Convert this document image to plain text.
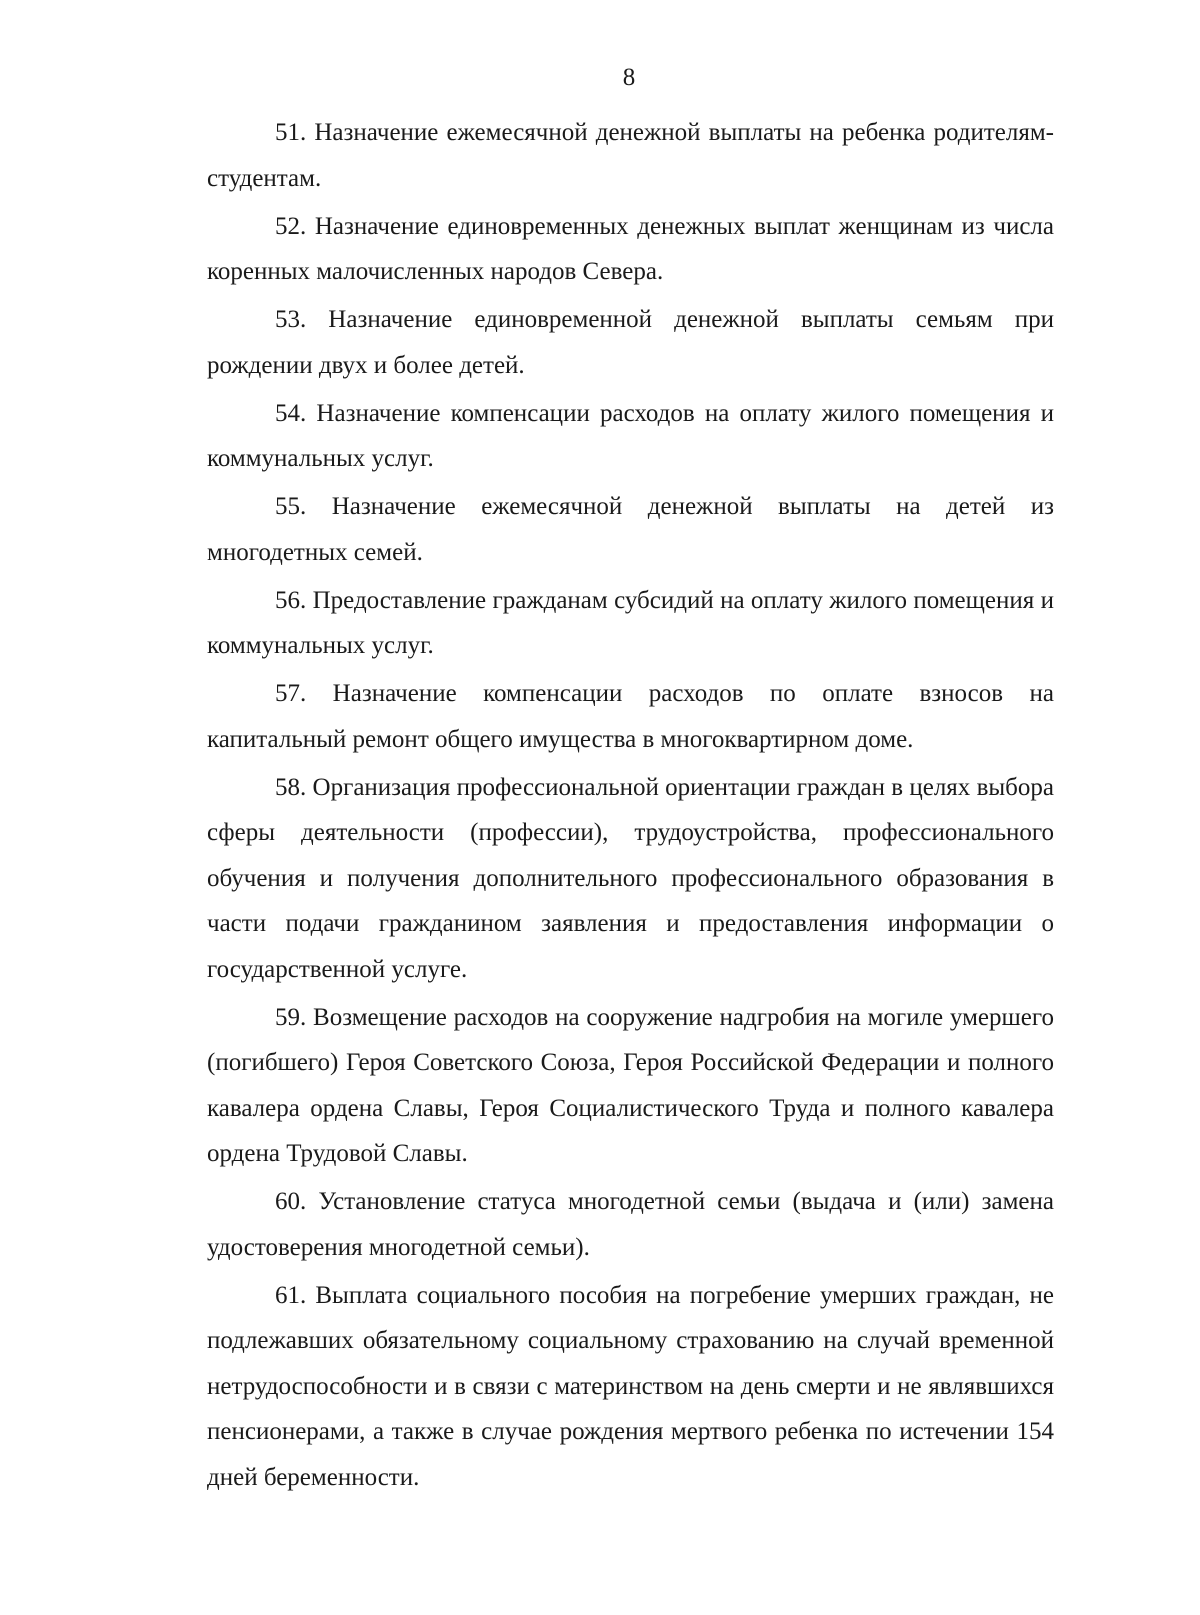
8

51. Назначение ежемесячной денежной выплаты на ребенка родителям-студентам.

52. Назначение единовременных денежных выплат женщинам из числа коренных малочисленных народов Севера.

53. Назначение единовременной денежной выплаты семьям при рождении двух и более детей.

54. Назначение компенсации расходов на оплату жилого помещения и коммунальных услуг.

55. Назначение ежемесячной денежной выплаты на детей из многодетных семей.

56. Предоставление гражданам субсидий на оплату жилого помещения и коммунальных услуг.

57. Назначение компенсации расходов по оплате взносов на капитальный ремонт общего имущества в многоквартирном доме.

58. Организация профессиональной ориентации граждан в целях выбора сферы деятельности (профессии), трудоустройства, профессионального обучения и получения дополнительного профессионального образования в части подачи гражданином заявления и предоставления информации о государственной услуге.

59. Возмещение расходов на сооружение надгробия на могиле умершего (погибшего) Героя Советского Союза, Героя Российской Федерации и полного кавалера ордена Славы, Героя Социалистического Труда и полного кавалера ордена Трудовой Славы.

60. Установление статуса многодетной семьи (выдача и (или) замена удостоверения многодетной семьи).

61. Выплата социального пособия на погребение умерших граждан, не подлежавших обязательному социальному страхованию на случай временной нетрудоспособности и в связи с материнством на день смерти и не являвшихся пенсионерами, а также в случае рождения мертвого ребенка по истечении 154 дней беременности.
